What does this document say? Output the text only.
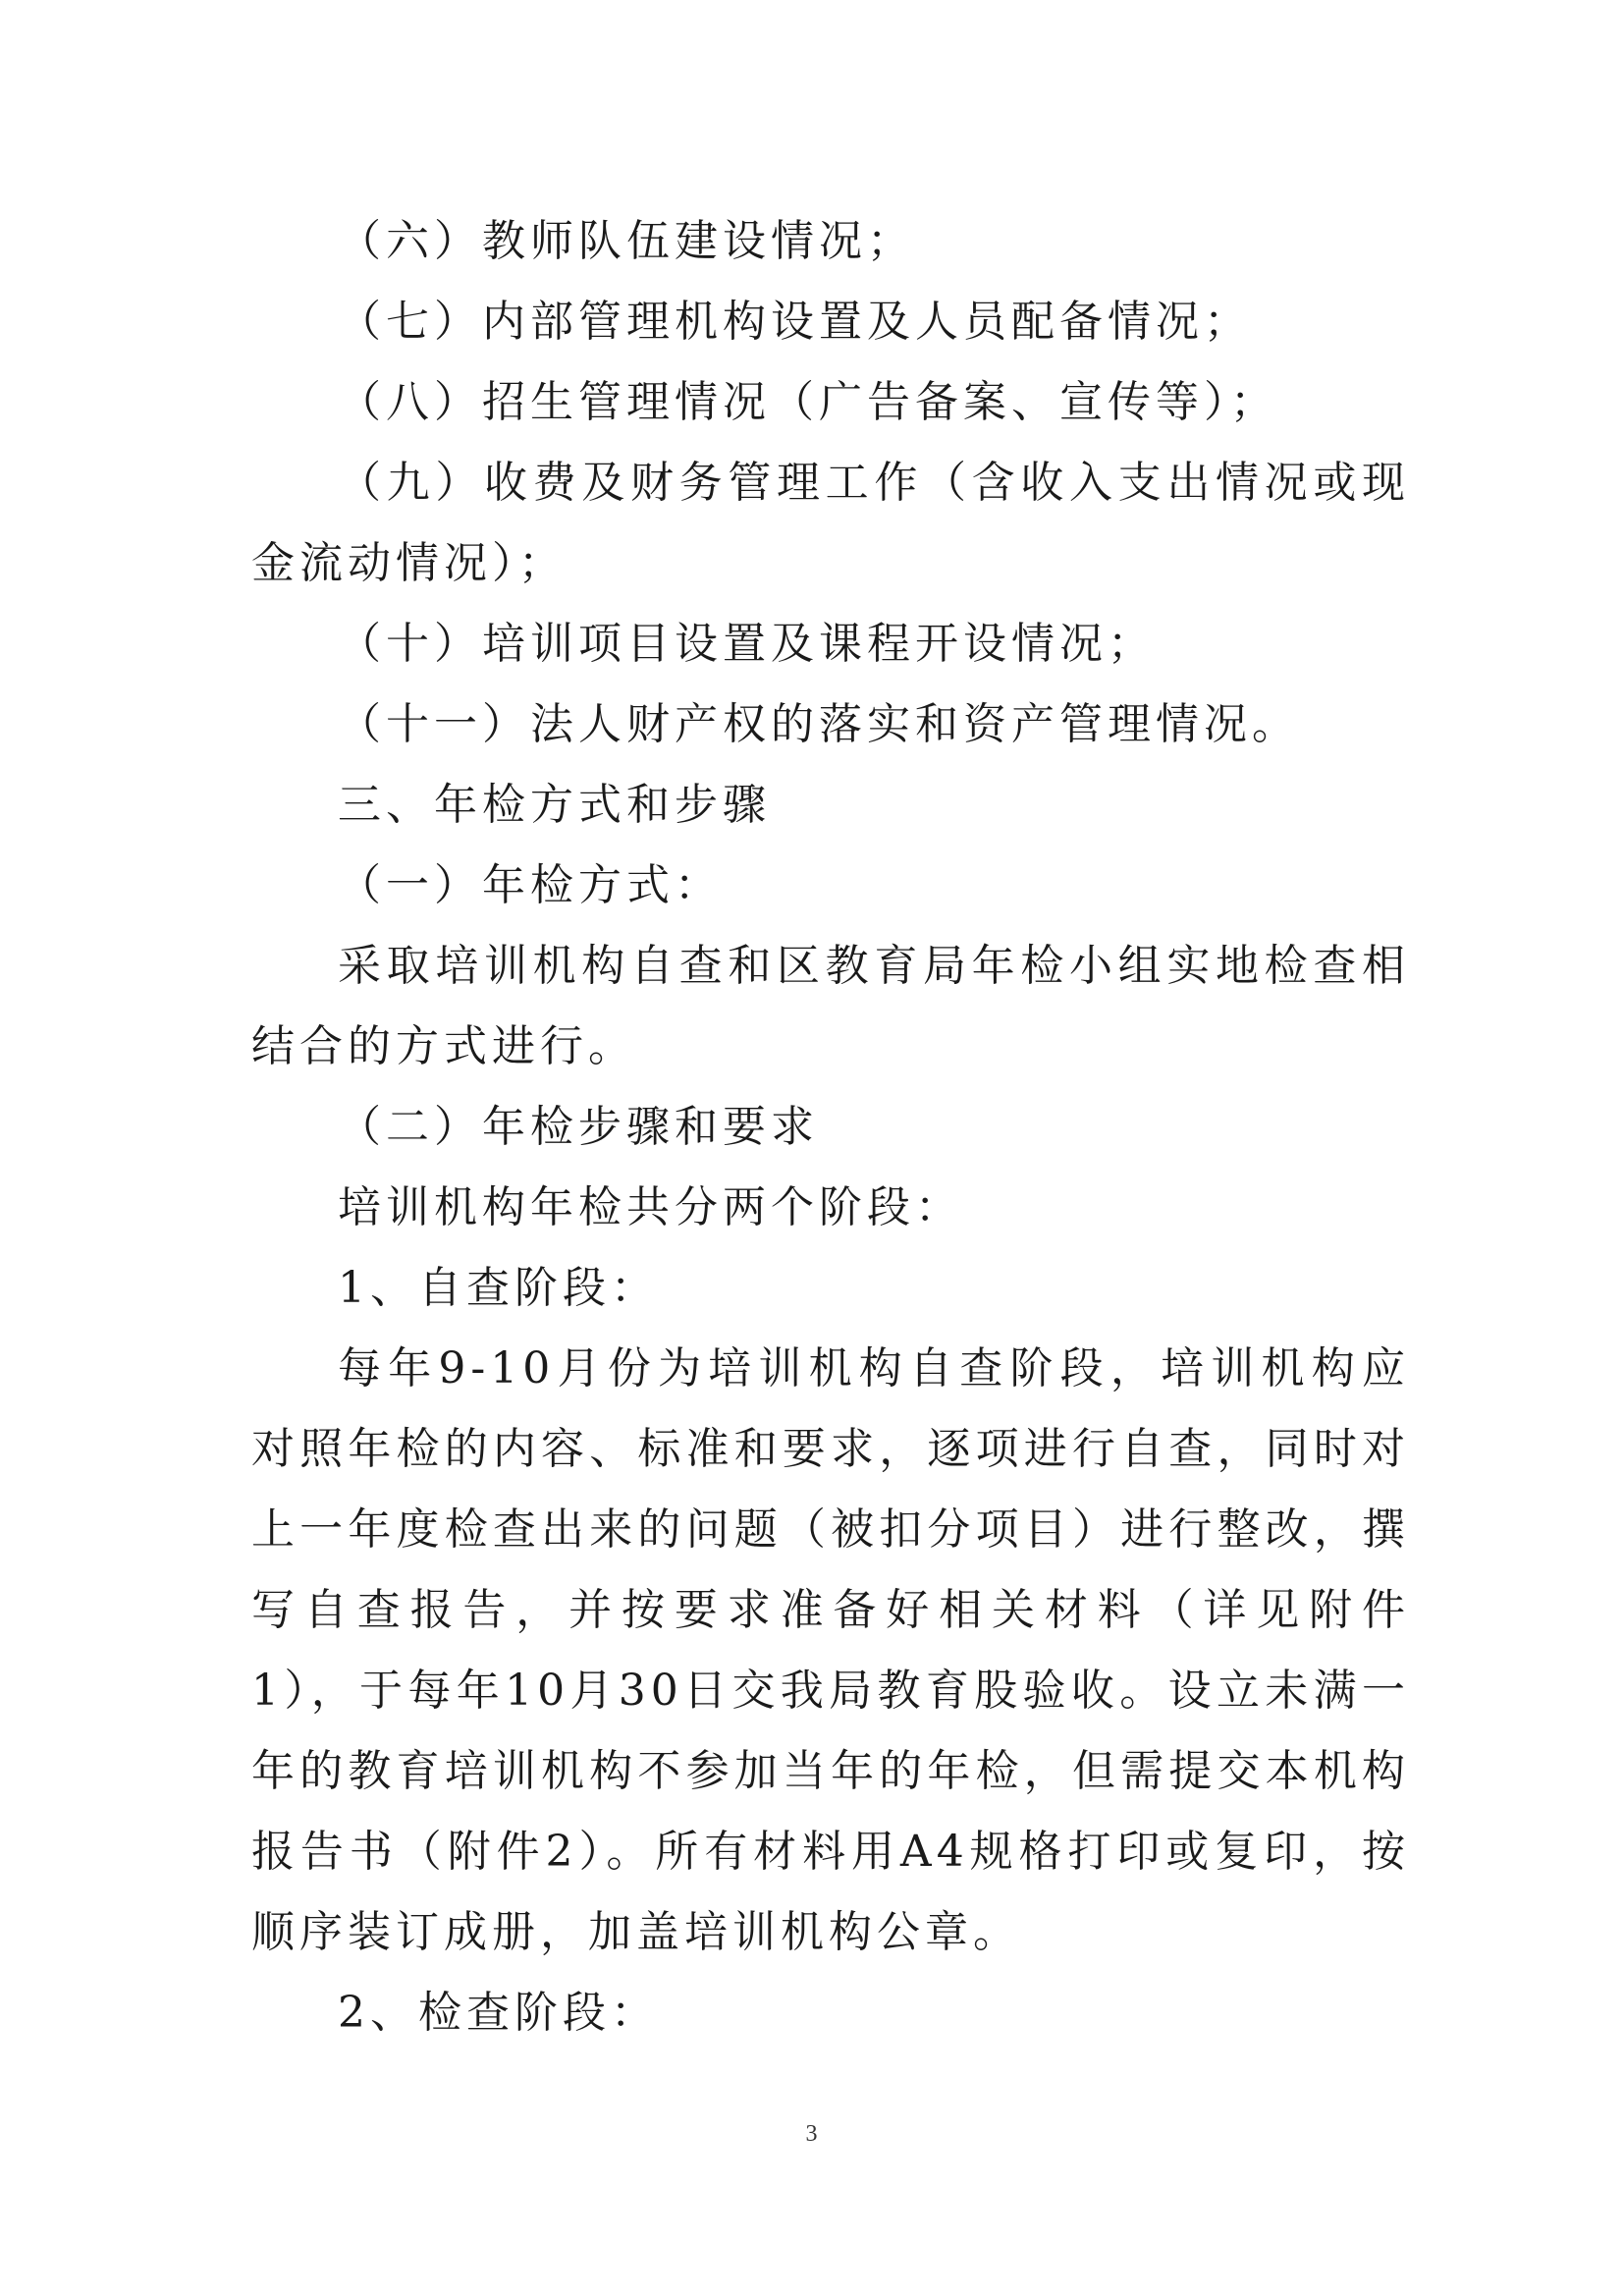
（六）教师队伍建设情况；

（七）内部管理机构设置及人员配备情况；

（八）招生管理情况（广告备案、宣传等）；

（九）收费及财务管理工作（含收入支出情况或现金流动情况）；

（十）培训项目设置及课程开设情况；

（十一）法人财产权的落实和资产管理情况。

三、年检方式和步骤

（一）年检方式：

采取培训机构自查和区教育局年检小组实地检查相结合的方式进行。

（二）年检步骤和要求

培训机构年检共分两个阶段：

1、自查阶段：

每年9-10月份为培训机构自查阶段，培训机构应对照年检的内容、标准和要求，逐项进行自查，同时对上一年度检查出来的问题（被扣分项目）进行整改，撰写自查报告，并按要求准备好相关材料（详见附件1），于每年10月30日交我局教育股验收。设立未满一年的教育培训机构不参加当年的年检，但需提交本机构报告书（附件2）。所有材料用A4规格打印或复印，按顺序装订成册，加盖培训机构公章。

2、检查阶段：

3
